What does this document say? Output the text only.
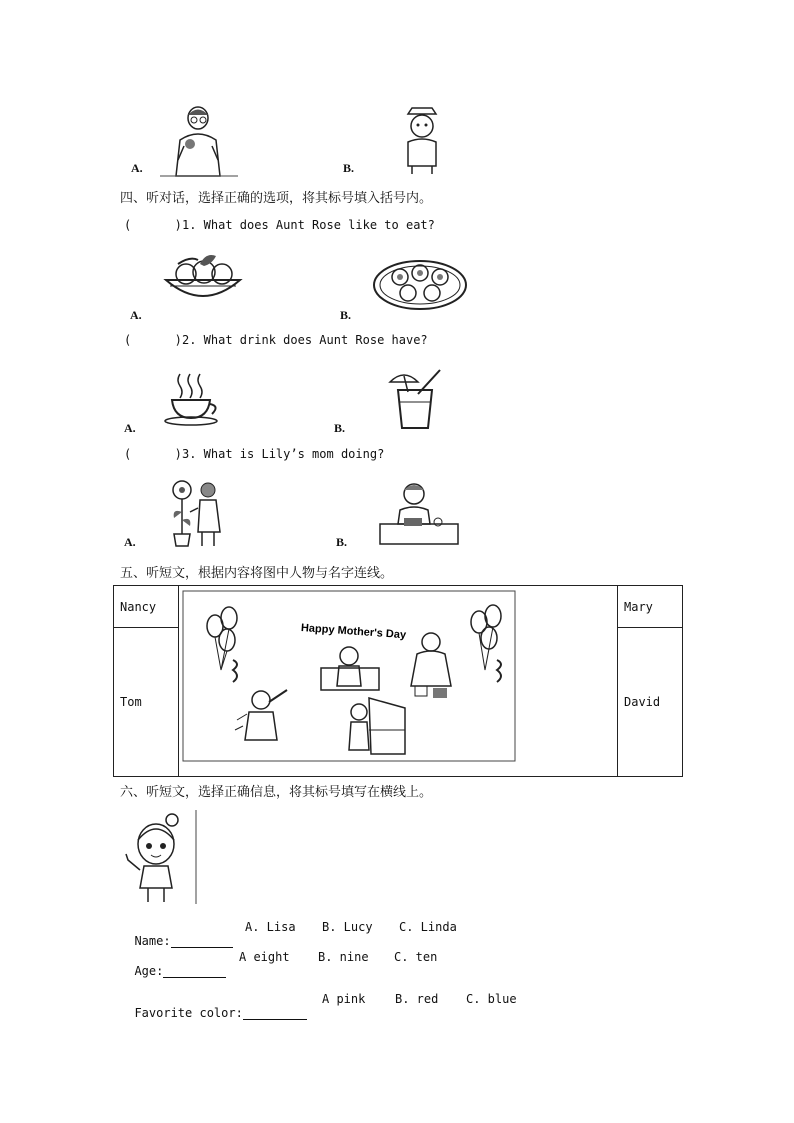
A.	B.
四、听对话，选择正确的选项，将其标号填入括号内。
(      ) 1. What does Aunt Rose like to eat?
A.	B.
(      ) 2. What drink does Aunt Rose have?
A.	B.
(      ) 3. What is Lily’s mom doing?
A.	B.
五、听短文，根据内容将图中人物与名字连线。
Nancy	Happy Mother's Day	Mary
Tom		David
六、听短文，选择正确信息，将其标号填写在横线上。

Name:

A. Lisa B. Lucy C. Linda

Age:

A eight B. nine C. ten

Favorite color:

A pink B. red C. blue
